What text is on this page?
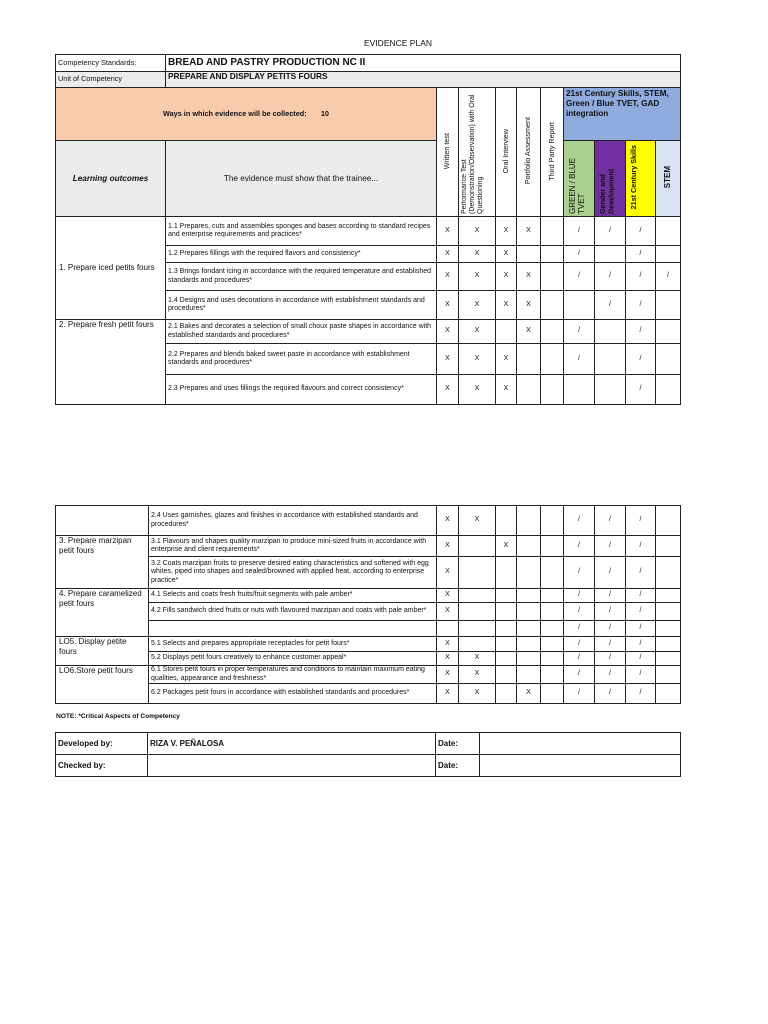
EVIDENCE PLAN
Competency Standards:	BREAD AND PASTRY PRODUCTION NC II									
Unit of Competency	PREPARE AND DISPLAY PETITS FOURS									
Ways in which evidence will be collected: 10		Written test	Performance Test (Demonstration/Observation) with Oral Questioning	Oral Interview	Portfolio Assessment	Third Party Report	21st Century Skills, STEM, Green / Blue TVET, GAD integration			
Learning outcomes	The evidence must show that the trainee...						GREEN / BLUE TVET	Gender and Development	21st Century Skills	STEM

1. Prepare iced petits fours	1.1 Prepares, cuts and assembles sponges and bases according to standard recipes and enterprise requirements and practices*	X	X	X	X		/	/	/	
	1.2 Prepares fillings with the required flavors and consistency*	X	X	X			/		/	
	1.3 Brings fondant icing in accordance with the required temperature and established standards and procedures*	X	X	X	X		/	/	/	/
	1.4 Designs and uses decorations in accordance with establishment standards and procedures*	X	X	X	X			/	/	
2. Prepare fresh petit fours	2.1 Bakes and decorates a selection of small choux paste shapes in accordance with established standards and procedures*	X	X		X		/		/	
	2.2 Prepares and blends baked sweet paste in accordance with establishment standards and procedures*	X	X	X			/		/	
	2.3 Prepares and uses fillings the required flavours and correct consistency*	X	X	X					/	
	2.4 Uses garnishes, glazes and finishes in accordance with established standards and procedures*	X	X				/	/	/	
3. Prepare marzipan petit fours	3.1 Flavours and shapes quality marzipan to produce mini-sized fruits in accordance with enterprise and client requirements*	X		X			/	/	/	
	3.2 Coats marzipan fruits to preserve desired eating characteristics and softened with egg whites, piped into shapes and sealed/browned with applied heat, according to enterprise practice*	X					/	/	/	
4. Prepare caramelized petit fours	4.1 Selects and coats fresh fruits/fruit segments with pale amber*	X					/	/	/	
	4.2 Fills sandwich dried fruits or nuts with flavoured marzipan and coats with pale amber*	X					/	/	/	
							/	/	/	
LO5. Display petite fours	5.1 Selects and prepares appropriate receptacles for petit fours*	X					/	/	/	
	5.2 Displays petit fours creatively to enhance customer appeal*	X	X				/	/	/	
LO6.Store petit fours	6.1 Stores petit fours in proper temperatures and conditions to maintain maximum eating qualities, appearance and freshness*	X	X				/	/	/	
	6.2 Packages petit fours in accordance with established standards and procedures*	X	X		X		/	/	/	
NOTE: *Critical Aspects of Competency
Developed by:	RIZA V. PEÑALOSA	Date:	
Checked by:		Date:	
